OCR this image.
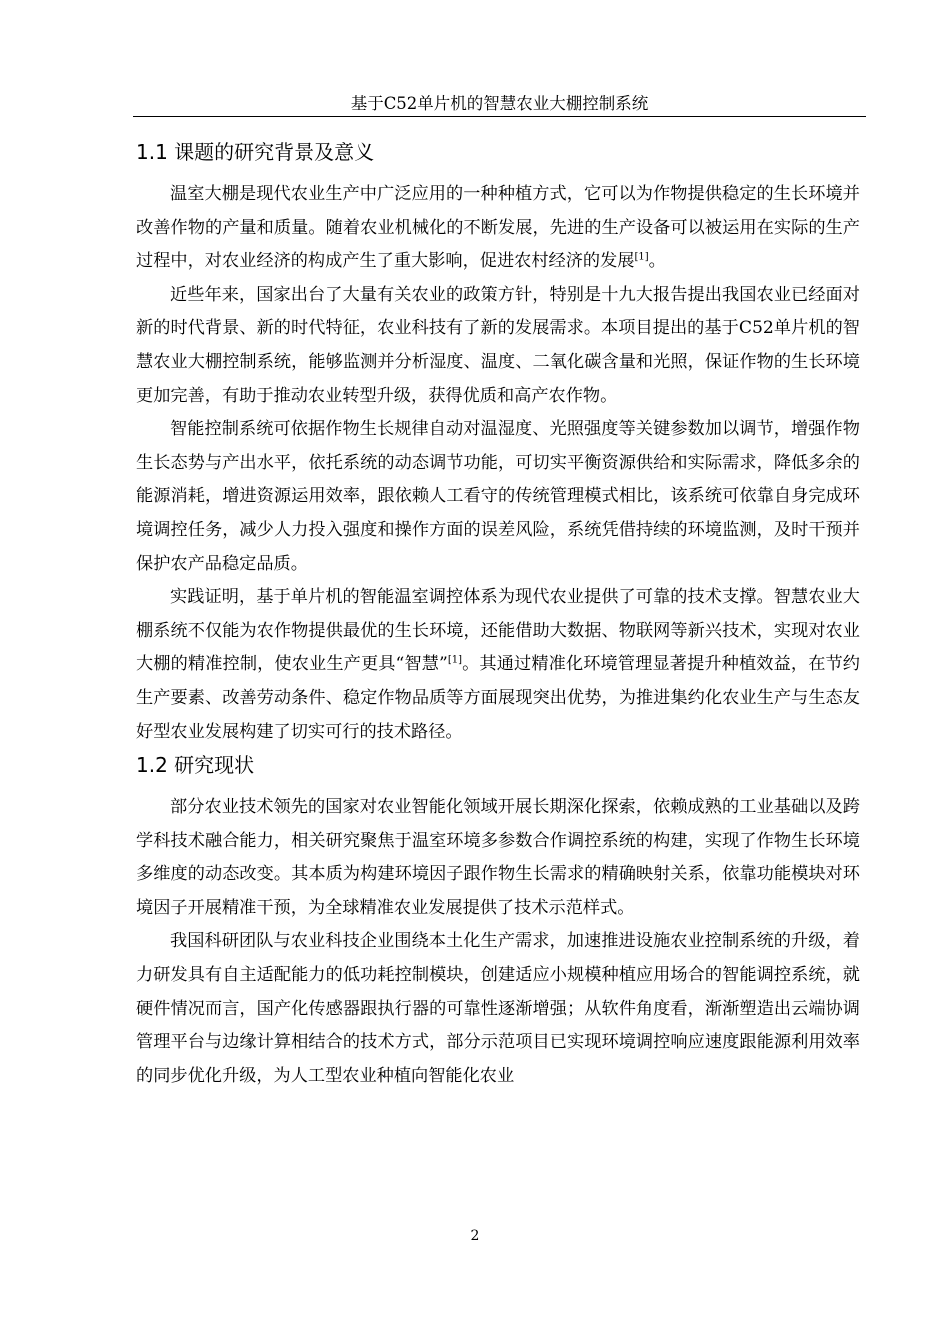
基于C52单片机的智慧农业大棚控制系统
1.1 课题的研究背景及意义

温室大棚是现代农业生产中广泛应用的一种种植方式，它可以为作物提供稳定的生长环境并改善作物的产量和质量。随着农业机械化的不断发展，先进的生产设备可以被运用在实际的生产过程中，对农业经济的构成产生了重大影响，促进农村经济的发展[1]。

近些年来，国家出台了大量有关农业的政策方针，特别是十九大报告提出我国农业已经面对新的时代背景、新的时代特征，农业科技有了新的发展需求。本项目提出的基于C52单片机的智慧农业大棚控制系统，能够监测并分析湿度、温度、二氧化碳含量和光照，保证作物的生长环境更加完善，有助于推动农业转型升级，获得优质和高产农作物。

智能控制系统可依据作物生长规律自动对温湿度、光照强度等关键参数加以调节，增强作物生长态势与产出水平，依托系统的动态调节功能，可切实平衡资源供给和实际需求，降低多余的能源消耗，增进资源运用效率，跟依赖人工看守的传统管理模式相比，该系统可依靠自身完成环境调控任务，减少人力投入强度和操作方面的误差风险，系统凭借持续的环境监测，及时干预并保护农产品稳定品质。

实践证明，基于单片机的智能温室调控体系为现代农业提供了可靠的技术支撑。智慧农业大棚系统不仅能为农作物提供最优的生长环境，还能借助大数据、物联网等新兴技术，实现对农业大棚的精准控制，使农业生产更具“智慧”[1]。其通过精准化环境管理显著提升种植效益，在节约生产要素、改善劳动条件、稳定作物品质等方面展现突出优势，为推进集约化农业生产与生态友好型农业发展构建了切实可行的技术路径。

1.2 研究现状

部分农业技术领先的国家对农业智能化领域开展长期深化探索，依赖成熟的工业基础以及跨学科技术融合能力，相关研究聚焦于温室环境多参数合作调控系统的构建，实现了作物生长环境多维度的动态改变。其本质为构建环境因子跟作物生长需求的精确映射关系，依靠功能模块对环境因子开展精准干预，为全球精准农业发展提供了技术示范样式。

我国科研团队与农业科技企业围绕本土化生产需求，加速推进设施农业控制系统的升级，着力研发具有自主适配能力的低功耗控制模块，创建适应小规模种植应用场合的智能调控系统，就硬件情况而言，国产化传感器跟执行器的可靠性逐渐增强；从软件角度看，渐渐塑造出云端协调管理平台与边缘计算相结合的技术方式，部分示范项目已实现环境调控响应速度跟能源利用效率的同步优化升级，为人工型农业种植向智能化农业

2
